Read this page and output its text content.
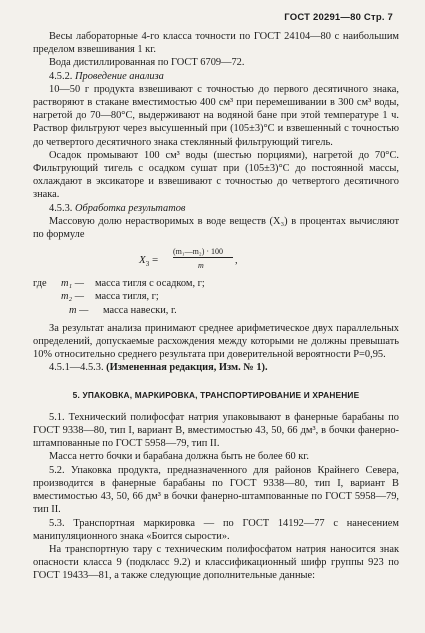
ГОСТ 20291—80 Стр. 7

Весы лабораторные 4-го класса точности по ГОСТ 24104—80 с наибольшим пределом взвешивания 1 кг.

Вода дистиллированная по ГОСТ 6709—72.

4.5.2. Проведение анализа

10—50 г продукта взвешивают с точностью до первого десятичного знака, растворяют в стакане вместимостью 400 см³ при перемешивании в 300 см³ воды, нагретой до 70—80°С, выдерживают на водяной бане при этой температуре 1 ч. Раствор фильтруют через высушенный при (105±3)°С и взвешенный с точностью до четвертого десятичного знака стеклянный фильтрующий тигель.

Осадок промывают 100 см³ воды (шестью порциями), нагретой до 70°С. Фильтрующий тигель с осадком сушат при (105±3)°С до постоянной массы, охлаждают в эксикаторе и взвешивают с точностью до четвертого десятичного знака.

4.5.3. Обработка результатов

Массовую долю нерастворимых в воде веществ (X₃) в процентах вычисляют по формуле

$X_3$ =
(m₁—m₂) · 100
m	,
где	m₁ —	масса тигля с осадком, г;
m₂ —	масса тигля, г;
m —	масса навески, г.

За результат анализа принимают среднее арифметическое двух параллельных определений, допускаемые расхождения между которыми не должны превышать 10% относительно среднего результата при доверительной вероятности P=0,95.

4.5.1—4.5.3. (Измененная редакция, Изм. № 1).

5. УПАКОВКА, МАРКИРОВКА, ТРАНСПОРТИРОВАНИЕ И ХРАНЕНИЕ

5.1. Технический полифосфат натрия упаковывают в фанерные барабаны по ГОСТ 9338—80, тип I, вариант В, вместимостью 43, 50, 66 дм³, в бочки фанерно-штампованные по ГОСТ 5958—79, тип II.

Масса нетто бочки и барабана должна быть не более 60 кг.

5.2. Упаковка продукта, предназначенного для районов Крайнего Севера, производится в фанерные барабаны по ГОСТ 9338—80, тип I, вариант В вместимостью 43, 50, 66 дм³ в бочки фанерно-штампованные по ГОСТ 5958—79, тип II.

5.3. Транспортная маркировка — по ГОСТ 14192—77 с нанесением манипуляционного знака «Боится сырости».

На транспортную тару с техническим полифосфатом натрия наносится знак опасности класса 9 (подкласс 9.2) и классификационный шифр группы 923 по ГОСТ 19433—81, а также следующие дополнительные данные:
